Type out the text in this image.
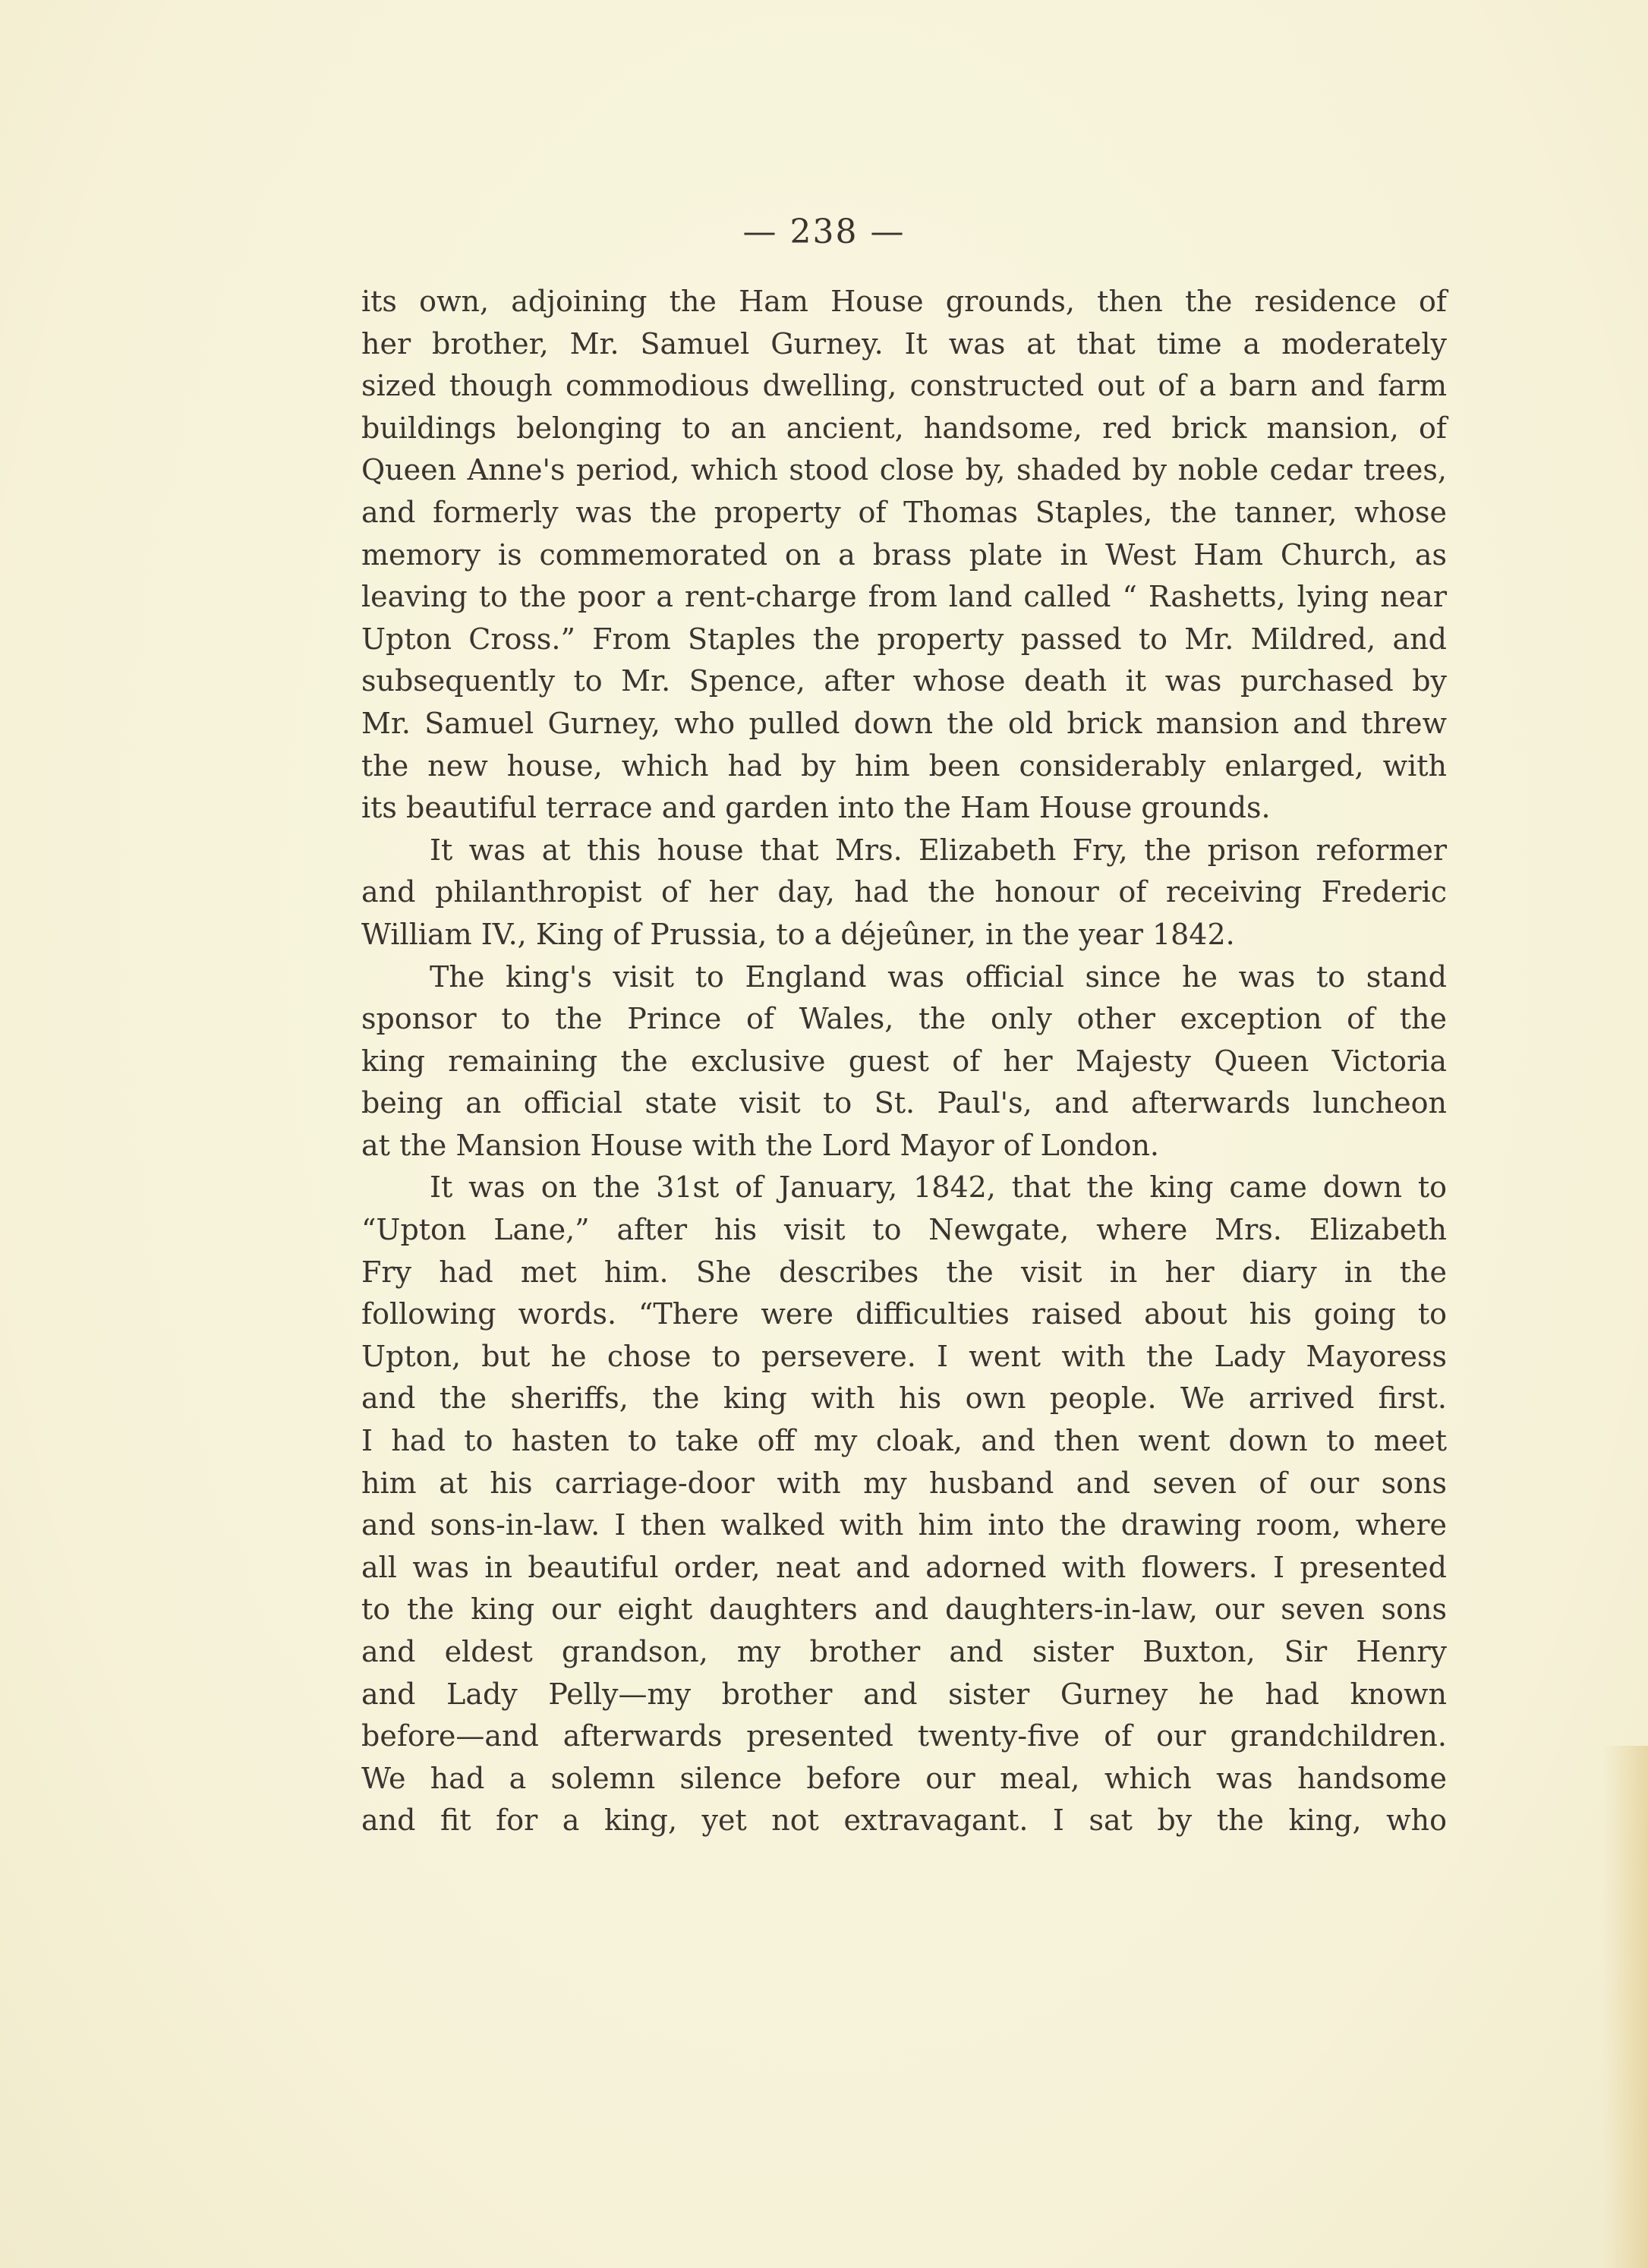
— 238 —
its own, adjoining the Ham House grounds, then the residence of
her brother, Mr. Samuel Gurney. It was at that time a moderately
sized though commodious dwelling, constructed out of a barn and farm
buildings belonging to an ancient, handsome, red brick mansion, of
Queen Anne's period, which stood close by, shaded by noble cedar trees,
and formerly was the property of Thomas Staples, the tanner, whose
memory is commemorated on a brass plate in West Ham Church, as
leaving to the poor a rent-charge from land called “ Rashetts, lying near
Upton Cross.” From Staples the property passed to Mr. Mildred, and
subsequently to Mr. Spence, after whose death it was purchased by
Mr. Samuel Gurney, who pulled down the old brick mansion and threw
the new house, which had by him been considerably enlarged, with
its beautiful terrace and garden into the Ham House grounds.
It was at this house that Mrs. Elizabeth Fry, the prison reformer
and philanthropist of her day, had the honour of receiving Frederic
William IV., King of Prussia, to a déjeûner, in the year 1842.
The king's visit to England was official since he was to stand
sponsor to the Prince of Wales, the only other exception of the
king remaining the exclusive guest of her Majesty Queen Victoria
being an official state visit to St. Paul's, and afterwards luncheon
at the Mansion House with the Lord Mayor of London.
It was on the 31st of January, 1842, that the king came down to
“Upton Lane,” after his visit to Newgate, where Mrs. Elizabeth
Fry had met him. She describes the visit in her diary in the
following words. “There were difficulties raised about his going to
Upton, but he chose to persevere. I went with the Lady Mayoress
and the sheriffs, the king with his own people. We arrived first.
I had to hasten to take off my cloak, and then went down to meet
him at his carriage-door with my husband and seven of our sons
and sons-in-law. I then walked with him into the drawing room, where
all was in beautiful order, neat and adorned with flowers. I presented
to the king our eight daughters and daughters-in-law, our seven sons
and eldest grandson, my brother and sister Buxton, Sir Henry
and Lady Pelly—my brother and sister Gurney he had known
before—and afterwards presented twenty-five of our grandchildren.
We had a solemn silence before our meal, which was handsome
and fit for a king, yet not extravagant. I sat by the king, who
